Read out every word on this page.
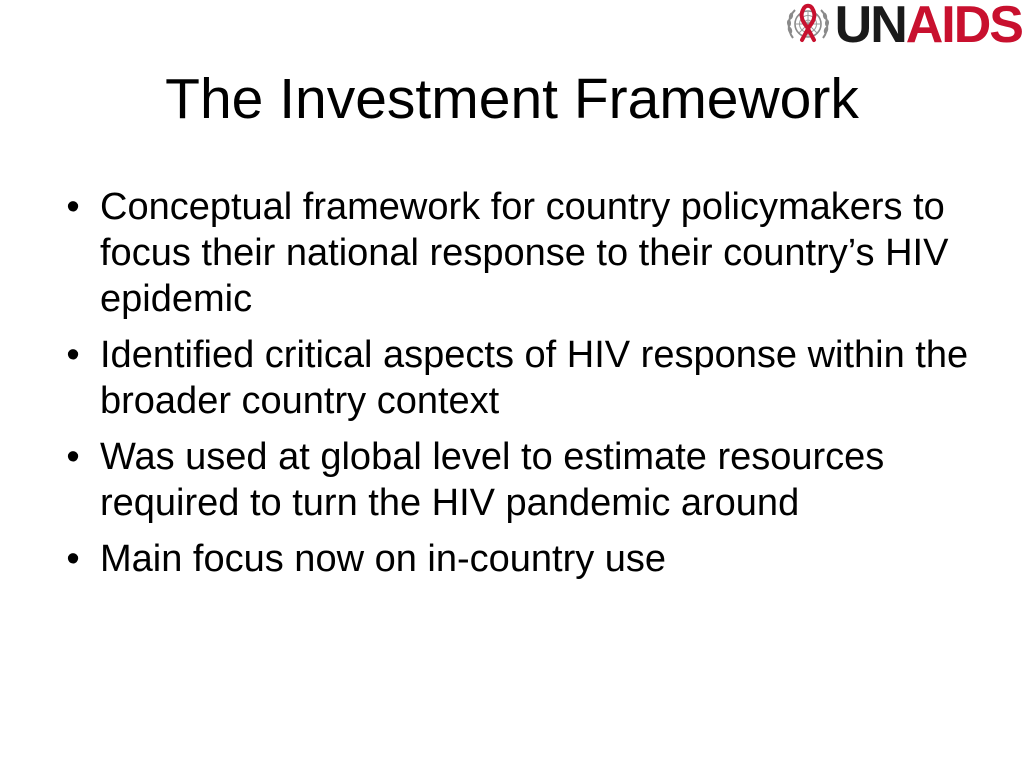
UN AIDS
The Investment Framework
• Conceptual framework for country policymakers to focus their national response to their country’s HIV epidemic
• Identified critical aspects of HIV response within the broader country context
• Was used at global level to estimate resources required to turn the HIV pandemic around
• Main focus now on in-country use
